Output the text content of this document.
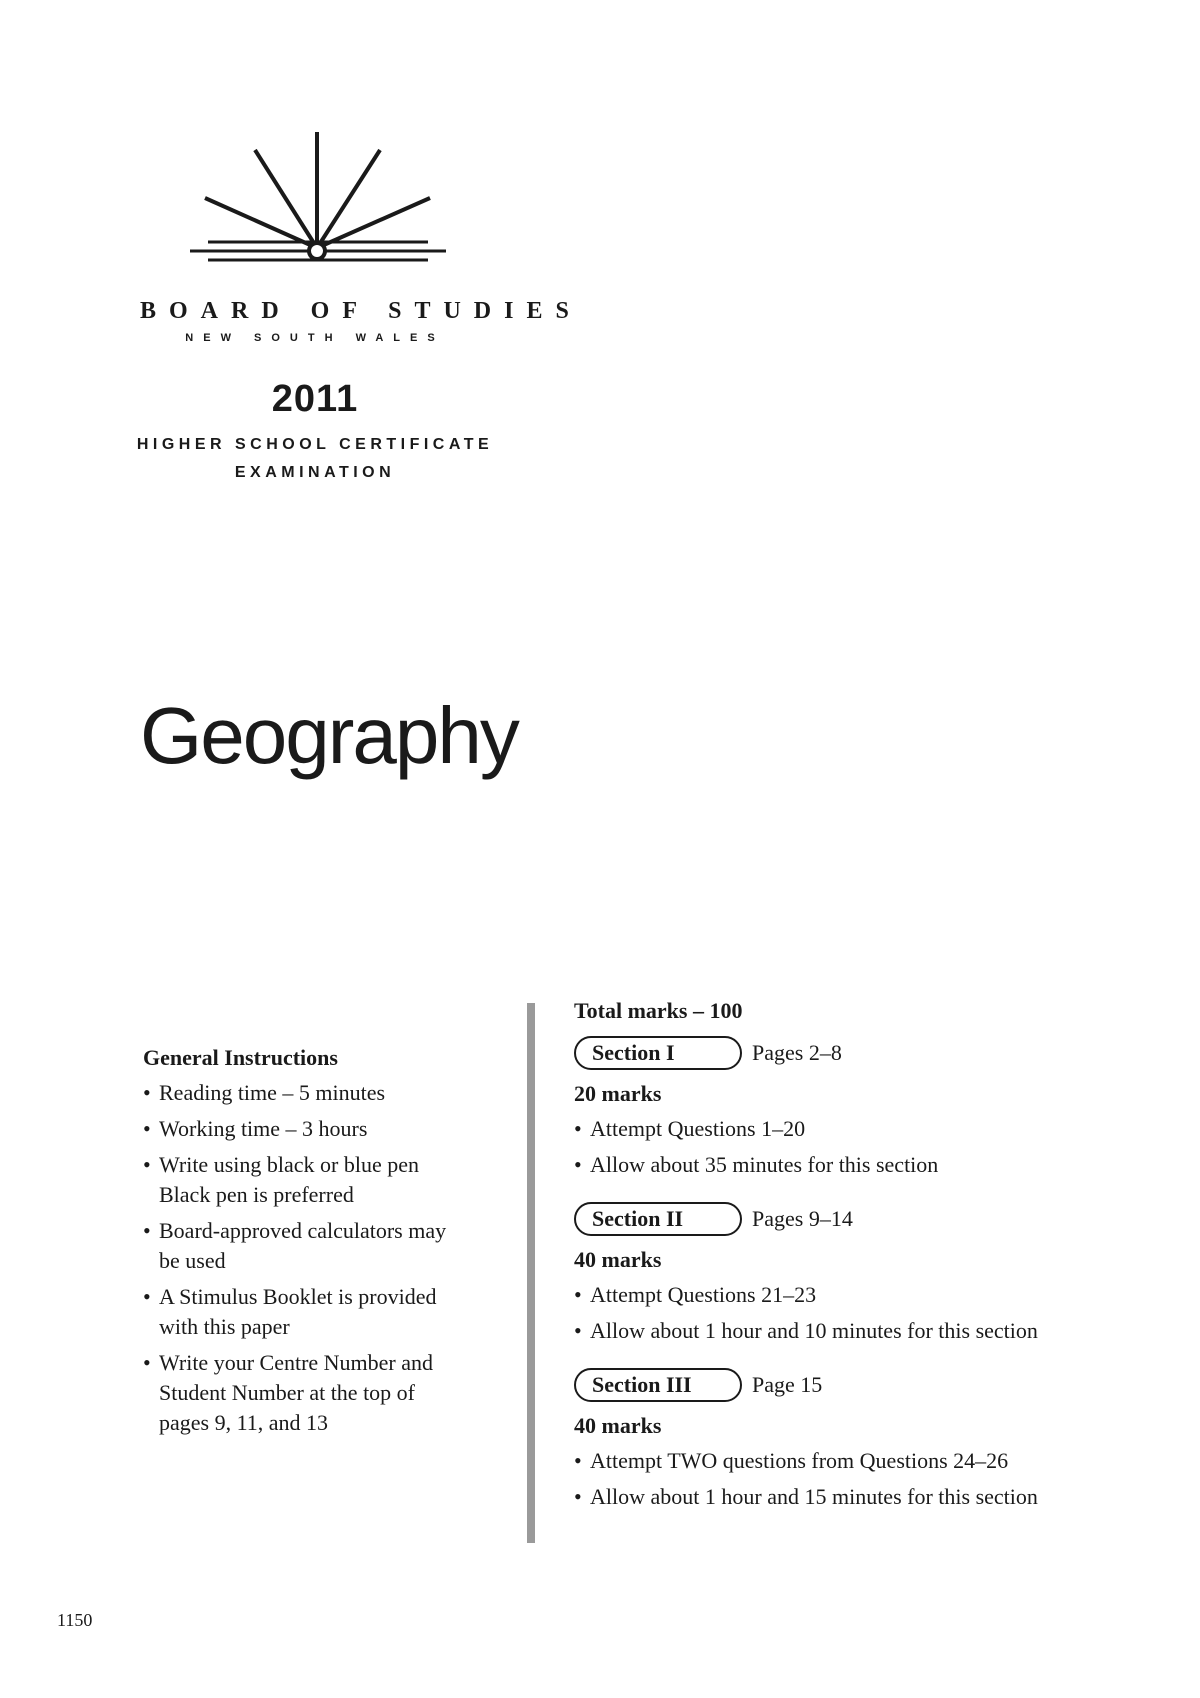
BOARD OF STUDIES
NEW SOUTH WALES
2011
HIGHER SCHOOL CERTIFICATE
EXAMINATION
Geography
General Instructions
• Reading time – 5 minutes
• Working time – 3 hours
• Write using black or blue pen
Black pen is preferred
• Board-approved calculators may
be used
• A Stimulus Booklet is provided
with this paper
• Write your Centre Number and
Student Number at the top of
pages 9, 11, and 13
Total marks – 100
Section I	Pages 2–8
20 marks
• Attempt Questions 1–20
• Allow about 35 minutes for this section
Section II	Pages 9–14
40 marks
• Attempt Questions 21–23
• Allow about 1 hour and 10 minutes for this section
Section III	Page 15
40 marks
• Attempt TWO questions from Questions 24–26
• Allow about 1 hour and 15 minutes for this section
1150
